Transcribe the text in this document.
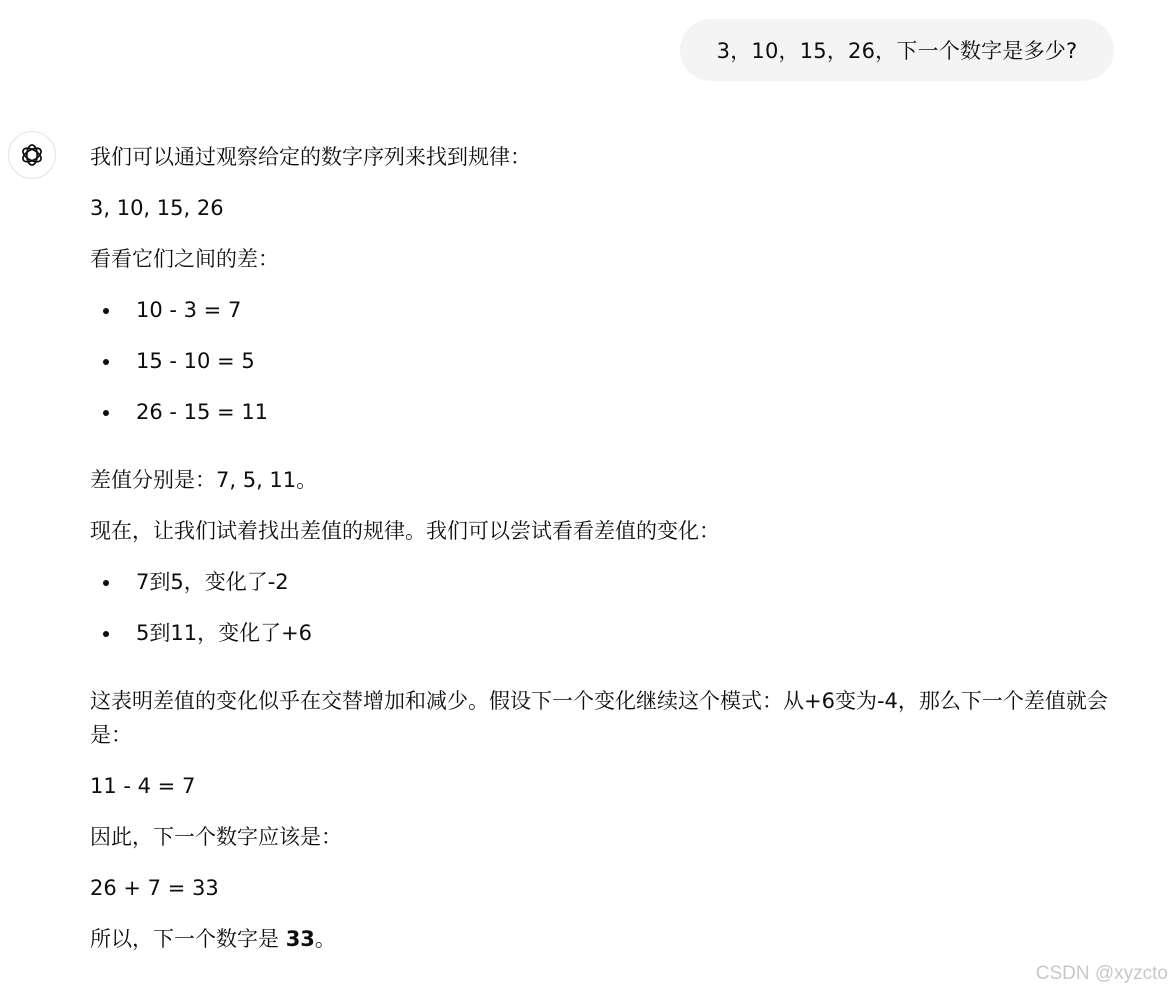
3，10，15，26，下一个数字是多少?

我们可以通过观察给定的数字序列来找到规律：

3, 10, 15, 26

看看它们之间的差：

10 - 3 = 7
15 - 10 = 5
26 - 15 = 11

差值分别是：7, 5, 11。

现在，让我们试着找出差值的规律。我们可以尝试看看差值的变化：

7到5，变化了-2
5到11，变化了+6

这表明差值的变化似乎在交替增加和减少。假设下一个变化继续这个模式：从+6变为-4，那么下一个差值就会是：

11 - 4 = 7

因此，下一个数字应该是：

26 + 7 = 33

所以，下一个数字是 33。

CSDN @xyzcto
